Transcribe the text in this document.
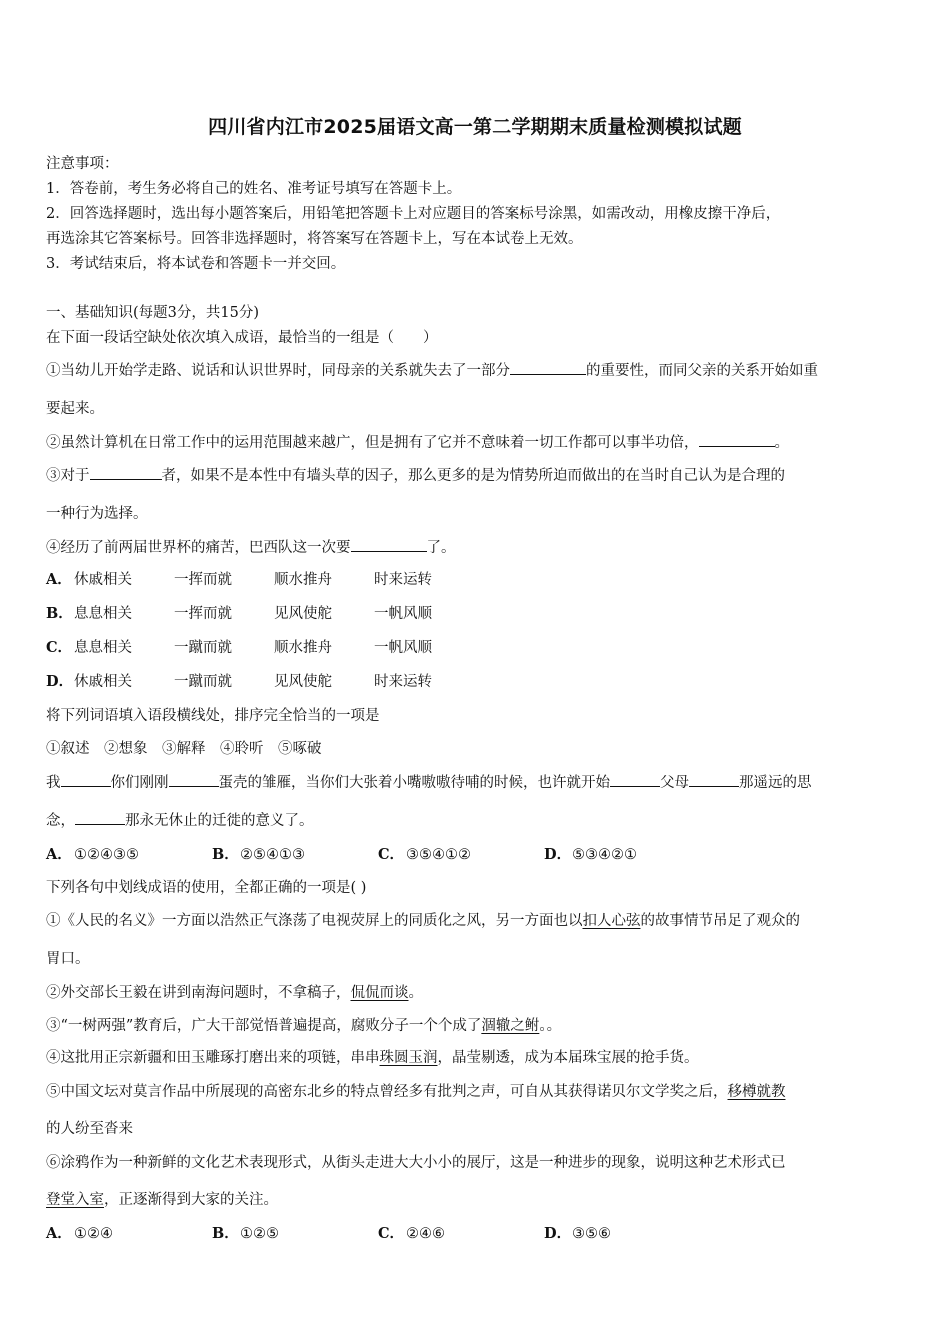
四川省内江市2025届语文高一第二学期期末质量检测模拟试题
注意事项：
1．答卷前，考生务必将自己的姓名、准考证号填写在答题卡上。
2．回答选择题时，选出每小题答案后，用铅笔把答题卡上对应题目的答案标号涂黑，如需改动，用橡皮擦干净后，
再选涂其它答案标号。回答非选择题时，将答案写在答题卡上，写在本试卷上无效。
3．考试结束后，将本试卷和答题卡一并交回。
一、基础知识(每题3分，共15分)
在下面一段话空缺处依次填入成语，最恰当的一组是（　　）
①当幼儿开始学走路、说话和认识世界时，同母亲的关系就失去了一部分	的重要性，而同父亲的关系开始如重
要起来。
②虽然计算机在日常工作中的运用范围越来越广，但是拥有了它并不意味着一切工作都可以事半功倍，	。
③对于	者，如果不是本性中有墙头草的因子，那么更多的是为情势所迫而做出的在当时自己认为是合理的
一种行为选择。
④经历了前两届世界杯的痛苦，巴西队这一次要	了。
A． 休戚相关	一挥而就	顺水推舟	时来运转
B．息息相关	一挥而就	见风使舵	一帆风顺
C． 息息相关	一蹴而就	顺水推舟	一帆风顺
D．休戚相关	一蹴而就	见风使舵	时来运转
将下列词语填入语段横线处，排序完全恰当的一项是
①叙述　②想象　③解释　④聆听　⑤啄破
我	你们刚刚	蛋壳的雏雁，当你们大张着小嘴嗷嗷待哺的时候，也许就开始	父母	那遥远的思
念，	那永无休止的迁徙的意义了。
A． ①②④③⑤	B．②⑤④①③	C． ③⑤④①②	D．⑤③④②①
下列各句中划线成语的使用，全都正确的一项是( )
①《人民的名义》一方面以浩然正气涤荡了电视荧屏上的同质化之风，另一方面也以扣人心弦的故事情节吊足了观众的
胃口。
②外交部长王毅在讲到南海问题时，不拿稿子，侃侃而谈。
③“一树两强”教育后，广大干部觉悟普遍提高，腐败分子一个个成了涸辙之鲋。。
④这批用正宗新疆和田玉雕琢打磨出来的项链，串串珠圆玉润，晶莹剔透，成为本届珠宝展的抢手货。
⑤中国文坛对莫言作品中所展现的高密东北乡的特点曾经多有批判之声，可自从其获得诺贝尔文学奖之后，移樽就教
的人纷至沓来
⑥涂鸦作为一种新鲜的文化艺术表现形式，从街头走进大大小小的展厅，这是一种进步的现象，说明这种艺术形式已
登堂入室，正逐渐得到大家的关注。
A． ①②④	B．①②⑤	C． ②④⑥	D．③⑤⑥
